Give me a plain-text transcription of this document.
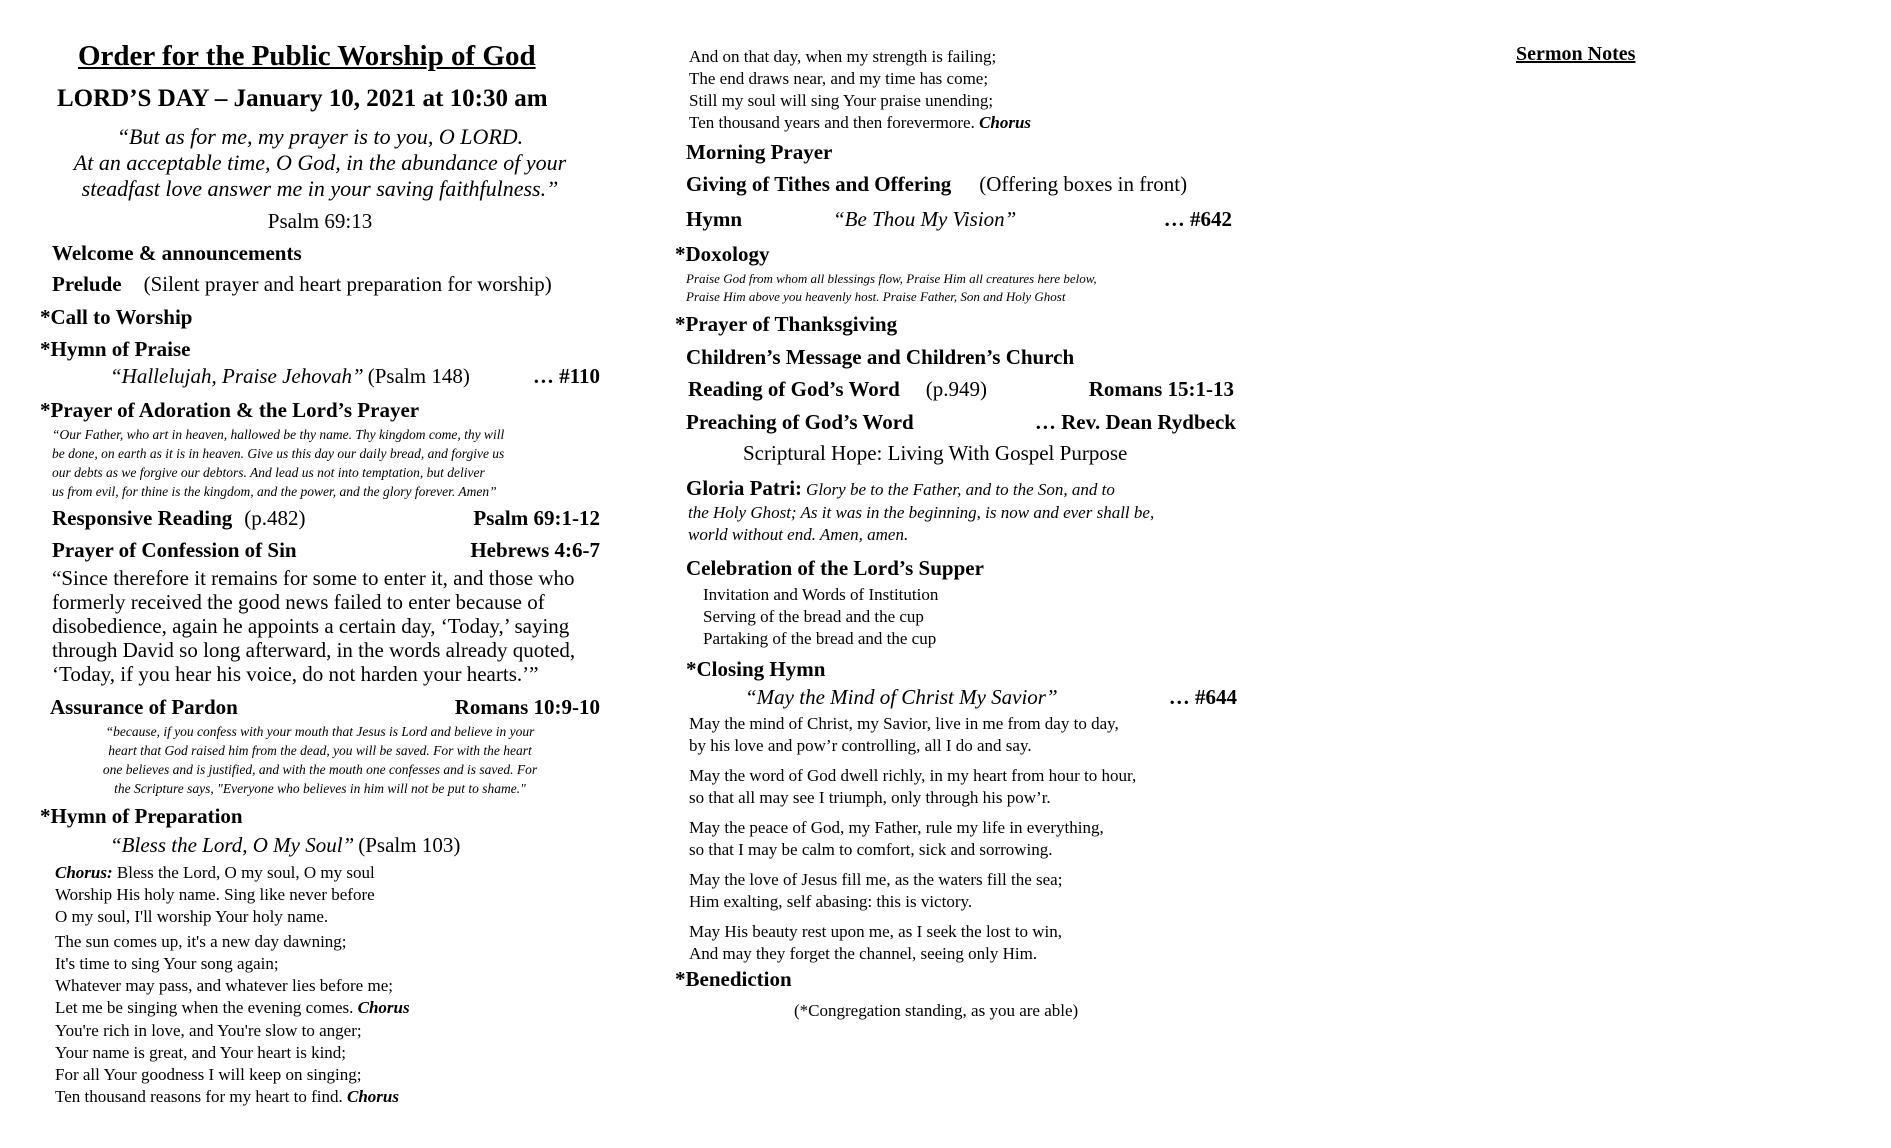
Order for the Public Worship of God
LORD’S DAY – January 10, 2021 at 10:30 am
“But as for me, my prayer is to you, O LORD.
At an acceptable time, O God, in the abundance of your
steadfast love answer me in your saving faithfulness.”
Psalm 69:13
Welcome & announcements
Prelude (Silent prayer and heart preparation for worship)
*Call to Worship
*Hymn of Praise
“Hallelujah, Praise Jehovah” (Psalm 148)	… #110
*Prayer of Adoration & the Lord’s Prayer
“Our Father, who art in heaven, hallowed be thy name. Thy kingdom come, thy will
be done, on earth as it is in heaven. Give us this day our daily bread, and forgive us
our debts as we forgive our debtors. And lead us not into temptation, but deliver
us from evil, for thine is the kingdom, and the power, and the glory forever. Amen”
Responsive Reading (p.482)	Psalm 69:1-12
Prayer of Confession of Sin	Hebrews 4:6-7
“Since therefore it remains for some to enter it, and those who
formerly received the good news failed to enter because of
disobedience, again he appoints a certain day, ‘Today,’ saying
through David so long afterward, in the words already quoted,
‘Today, if you hear his voice, do not harden your hearts.’”
Assurance of Pardon	Romans 10:9-10
“because, if you confess with your mouth that Jesus is Lord and believe in your
heart that God raised him from the dead, you will be saved. For with the heart
one believes and is justified, and with the mouth one confesses and is saved. For
the Scripture says, "Everyone who believes in him will not be put to shame."
*Hymn of Preparation
“Bless the Lord, O My Soul” (Psalm 103)
Chorus: Bless the Lord, O my soul, O my soul
Worship His holy name. Sing like never before
O my soul, I'll worship Your holy name.
The sun comes up, it's a new day dawning;
It's time to sing Your song again;
Whatever may pass, and whatever lies before me;
Let me be singing when the evening comes. Chorus
You're rich in love, and You're slow to anger;
Your name is great, and Your heart is kind;
For all Your goodness I will keep on singing;
Ten thousand reasons for my heart to find. Chorus
And on that day, when my strength is failing;
The end draws near, and my time has come;
Still my soul will sing Your praise unending;
Ten thousand years and then forevermore. Chorus
Morning Prayer
Giving of Tithes and Offering (Offering boxes in front)
Hymn	“Be Thou My Vision”	… #642
*Doxology
Praise God from whom all blessings flow, Praise Him all creatures here below,
Praise Him above you heavenly host. Praise Father, Son and Holy Ghost
*Prayer of Thanksgiving
Children’s Message and Children’s Church
Reading of God’s Word (p.949)	Romans 15:1-13
Preaching of God’s Word	… Rev. Dean Rydbeck
Scriptural Hope: Living With Gospel Purpose
Gloria Patri: Glory be to the Father, and to the Son, and to
the Holy Ghost; As it was in the beginning, is now and ever shall be,
world without end. Amen, amen.
Celebration of the Lord’s Supper
Invitation and Words of Institution
Serving of the bread and the cup
Partaking of the bread and the cup
*Closing Hymn
“May the Mind of Christ My Savior”	… #644
May the mind of Christ, my Savior, live in me from day to day,
by his love and pow’r controlling, all I do and say.
May the word of God dwell richly, in my heart from hour to hour,
so that all may see I triumph, only through his pow’r.
May the peace of God, my Father, rule my life in everything,
so that I may be calm to comfort, sick and sorrowing.
May the love of Jesus fill me, as the waters fill the sea;
Him exalting, self abasing: this is victory.
May His beauty rest upon me, as I seek the lost to win,
And may they forget the channel, seeing only Him.
*Benediction
(*Congregation standing, as you are able)
Sermon Notes
